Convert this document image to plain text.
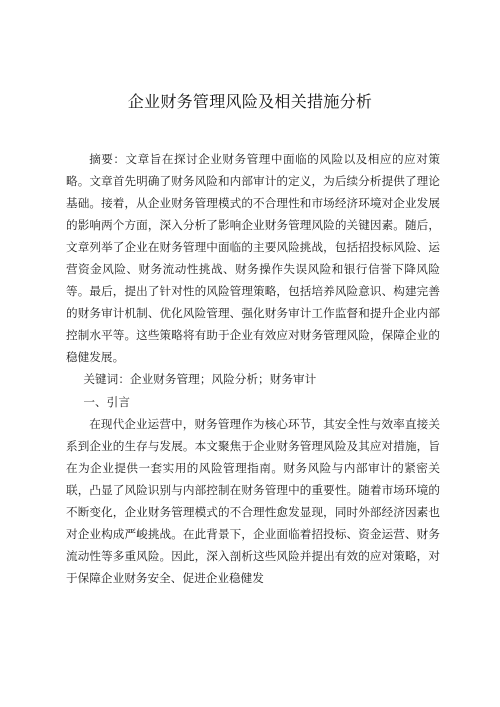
企业财务管理风险及相关措施分析

摘要：文章旨在探讨企业财务管理中面临的风险以及相应的应对策略。文章首先明确了财务风险和内部审计的定义，为后续分析提供了理论基础。接着，从企业财务管理模式的不合理性和市场经济环境对企业发展的影响两个方面，深入分析了影响企业财务管理风险的关键因素。随后，文章列举了企业在财务管理中面临的主要风险挑战，包括招投标风险、运营资金风险、财务流动性挑战、财务操作失误风险和银行信誉下降风险等。最后，提出了针对性的风险管理策略，包括培养风险意识、构建完善的财务审计机制、优化风险管理、强化财务审计工作监督和提升企业内部控制水平等。这些策略将有助于企业有效应对财务管理风险，保障企业的稳健发展。

关键词：企业财务管理；风险分析；财务审计

一、引言

在现代企业运营中，财务管理作为核心环节，其安全性与效率直接关系到企业的生存与发展。本文聚焦于企业财务管理风险及其应对措施，旨在为企业提供一套实用的风险管理指南。财务风险与内部审计的紧密关联，凸显了风险识别与内部控制在财务管理中的重要性。随着市场环境的不断变化，企业财务管理模式的不合理性愈发显现，同时外部经济因素也对企业构成严峻挑战。在此背景下，企业面临着招投标、资金运营、财务流动性等多重风险。因此，深入剖析这些风险并提出有效的应对策略，对于保障企业财务安全、促进企业稳健发
